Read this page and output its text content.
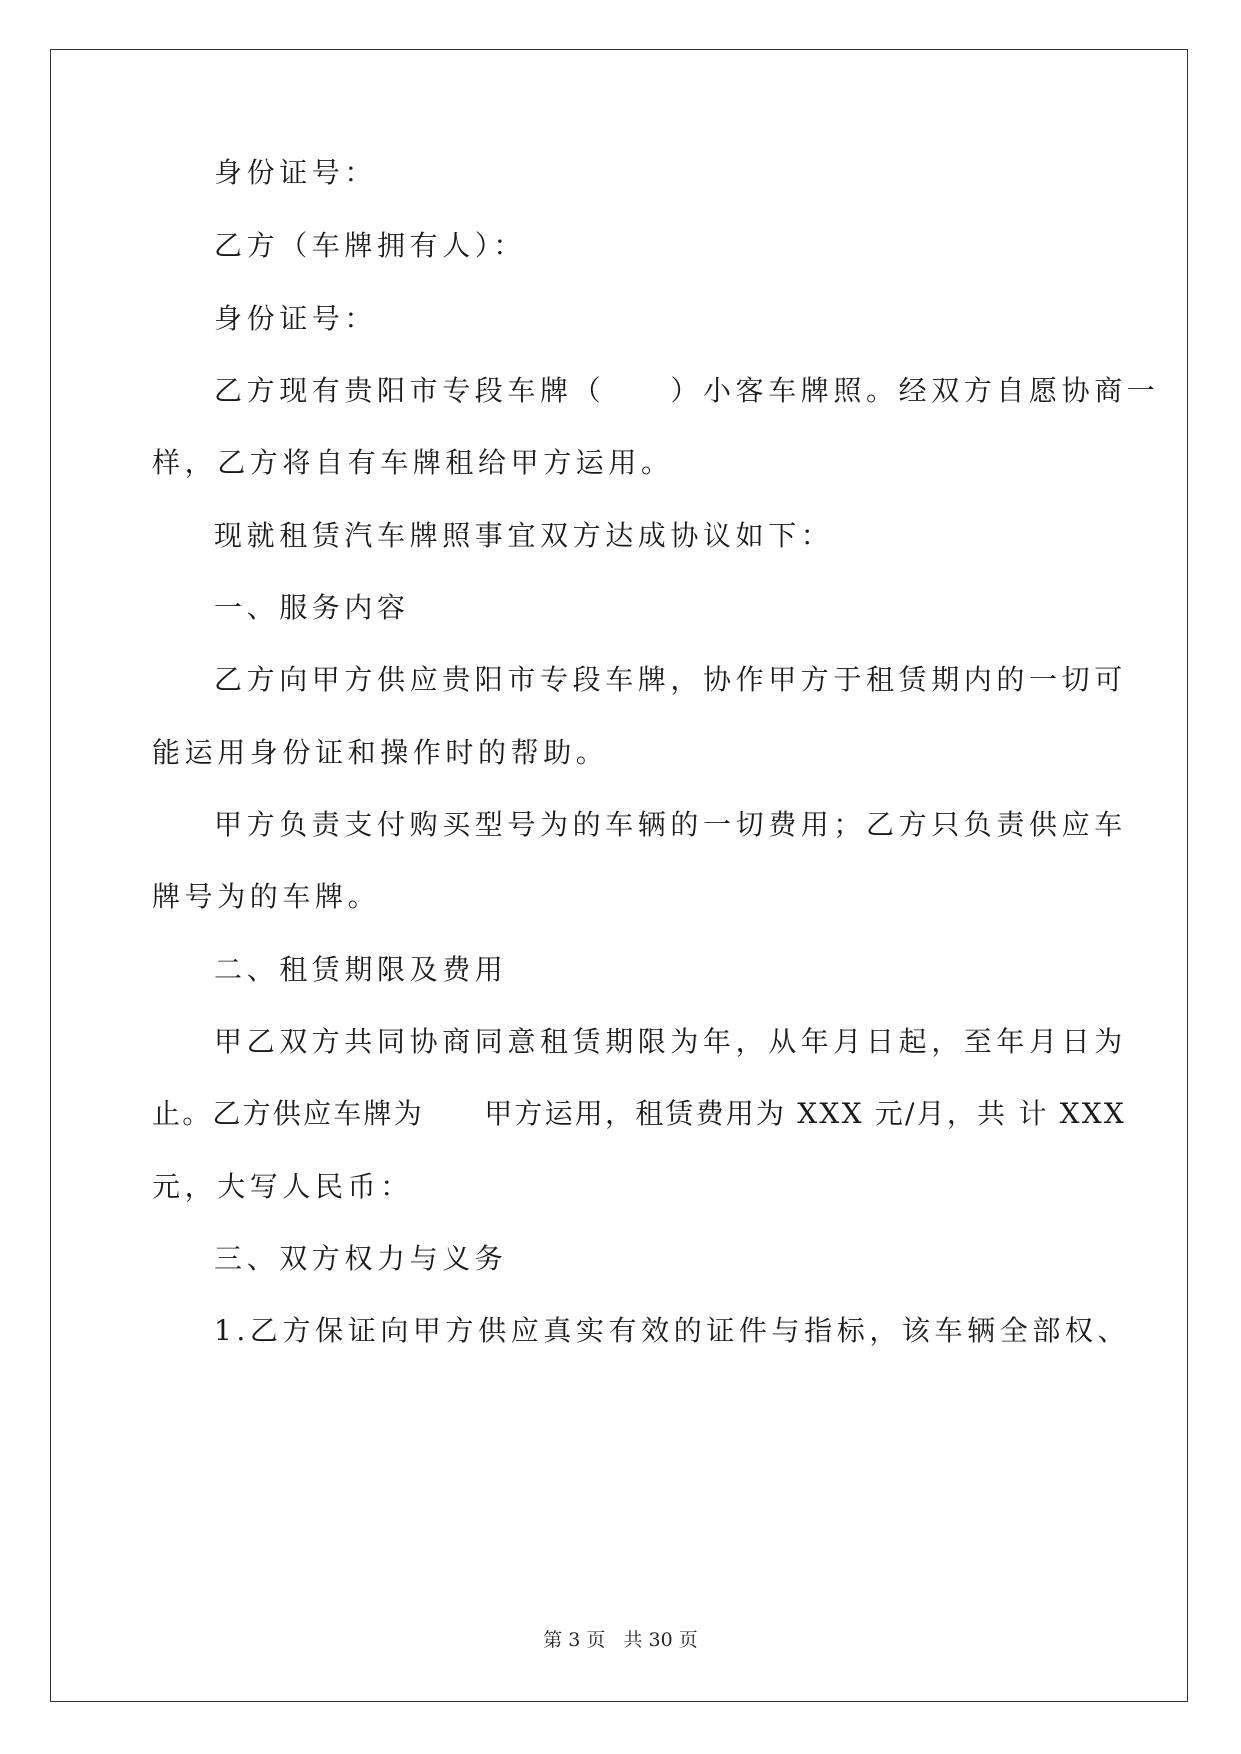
身份证号：
乙方（车牌拥有人）：
身份证号：
乙方现有贵阳市专段车牌（　　）小客车牌照。经双方自愿协商一
样，乙方将自有车牌租给甲方运用。
现就租赁汽车牌照事宜双方达成协议如下：
一、服务内容
乙方向甲方供应贵阳市专段车牌，协作甲方于租赁期内的一切可
能运用身份证和操作时的帮助。
甲方负责支付购买型号为的车辆的一切费用；乙方只负责供应车
牌号为的车牌。
二、租赁期限及费用
甲乙双方共同协商同意租赁期限为年，从年月日起，至年月日为
止。乙方供应车牌为　　甲方运用，租赁费用为 XXX 元/月，共 计 XXX
元，大写人民币：
三、双方权力与义务
1.乙方保证向甲方供应真实有效的证件与指标，该车辆全部权、
第 3 页 共 30 页
